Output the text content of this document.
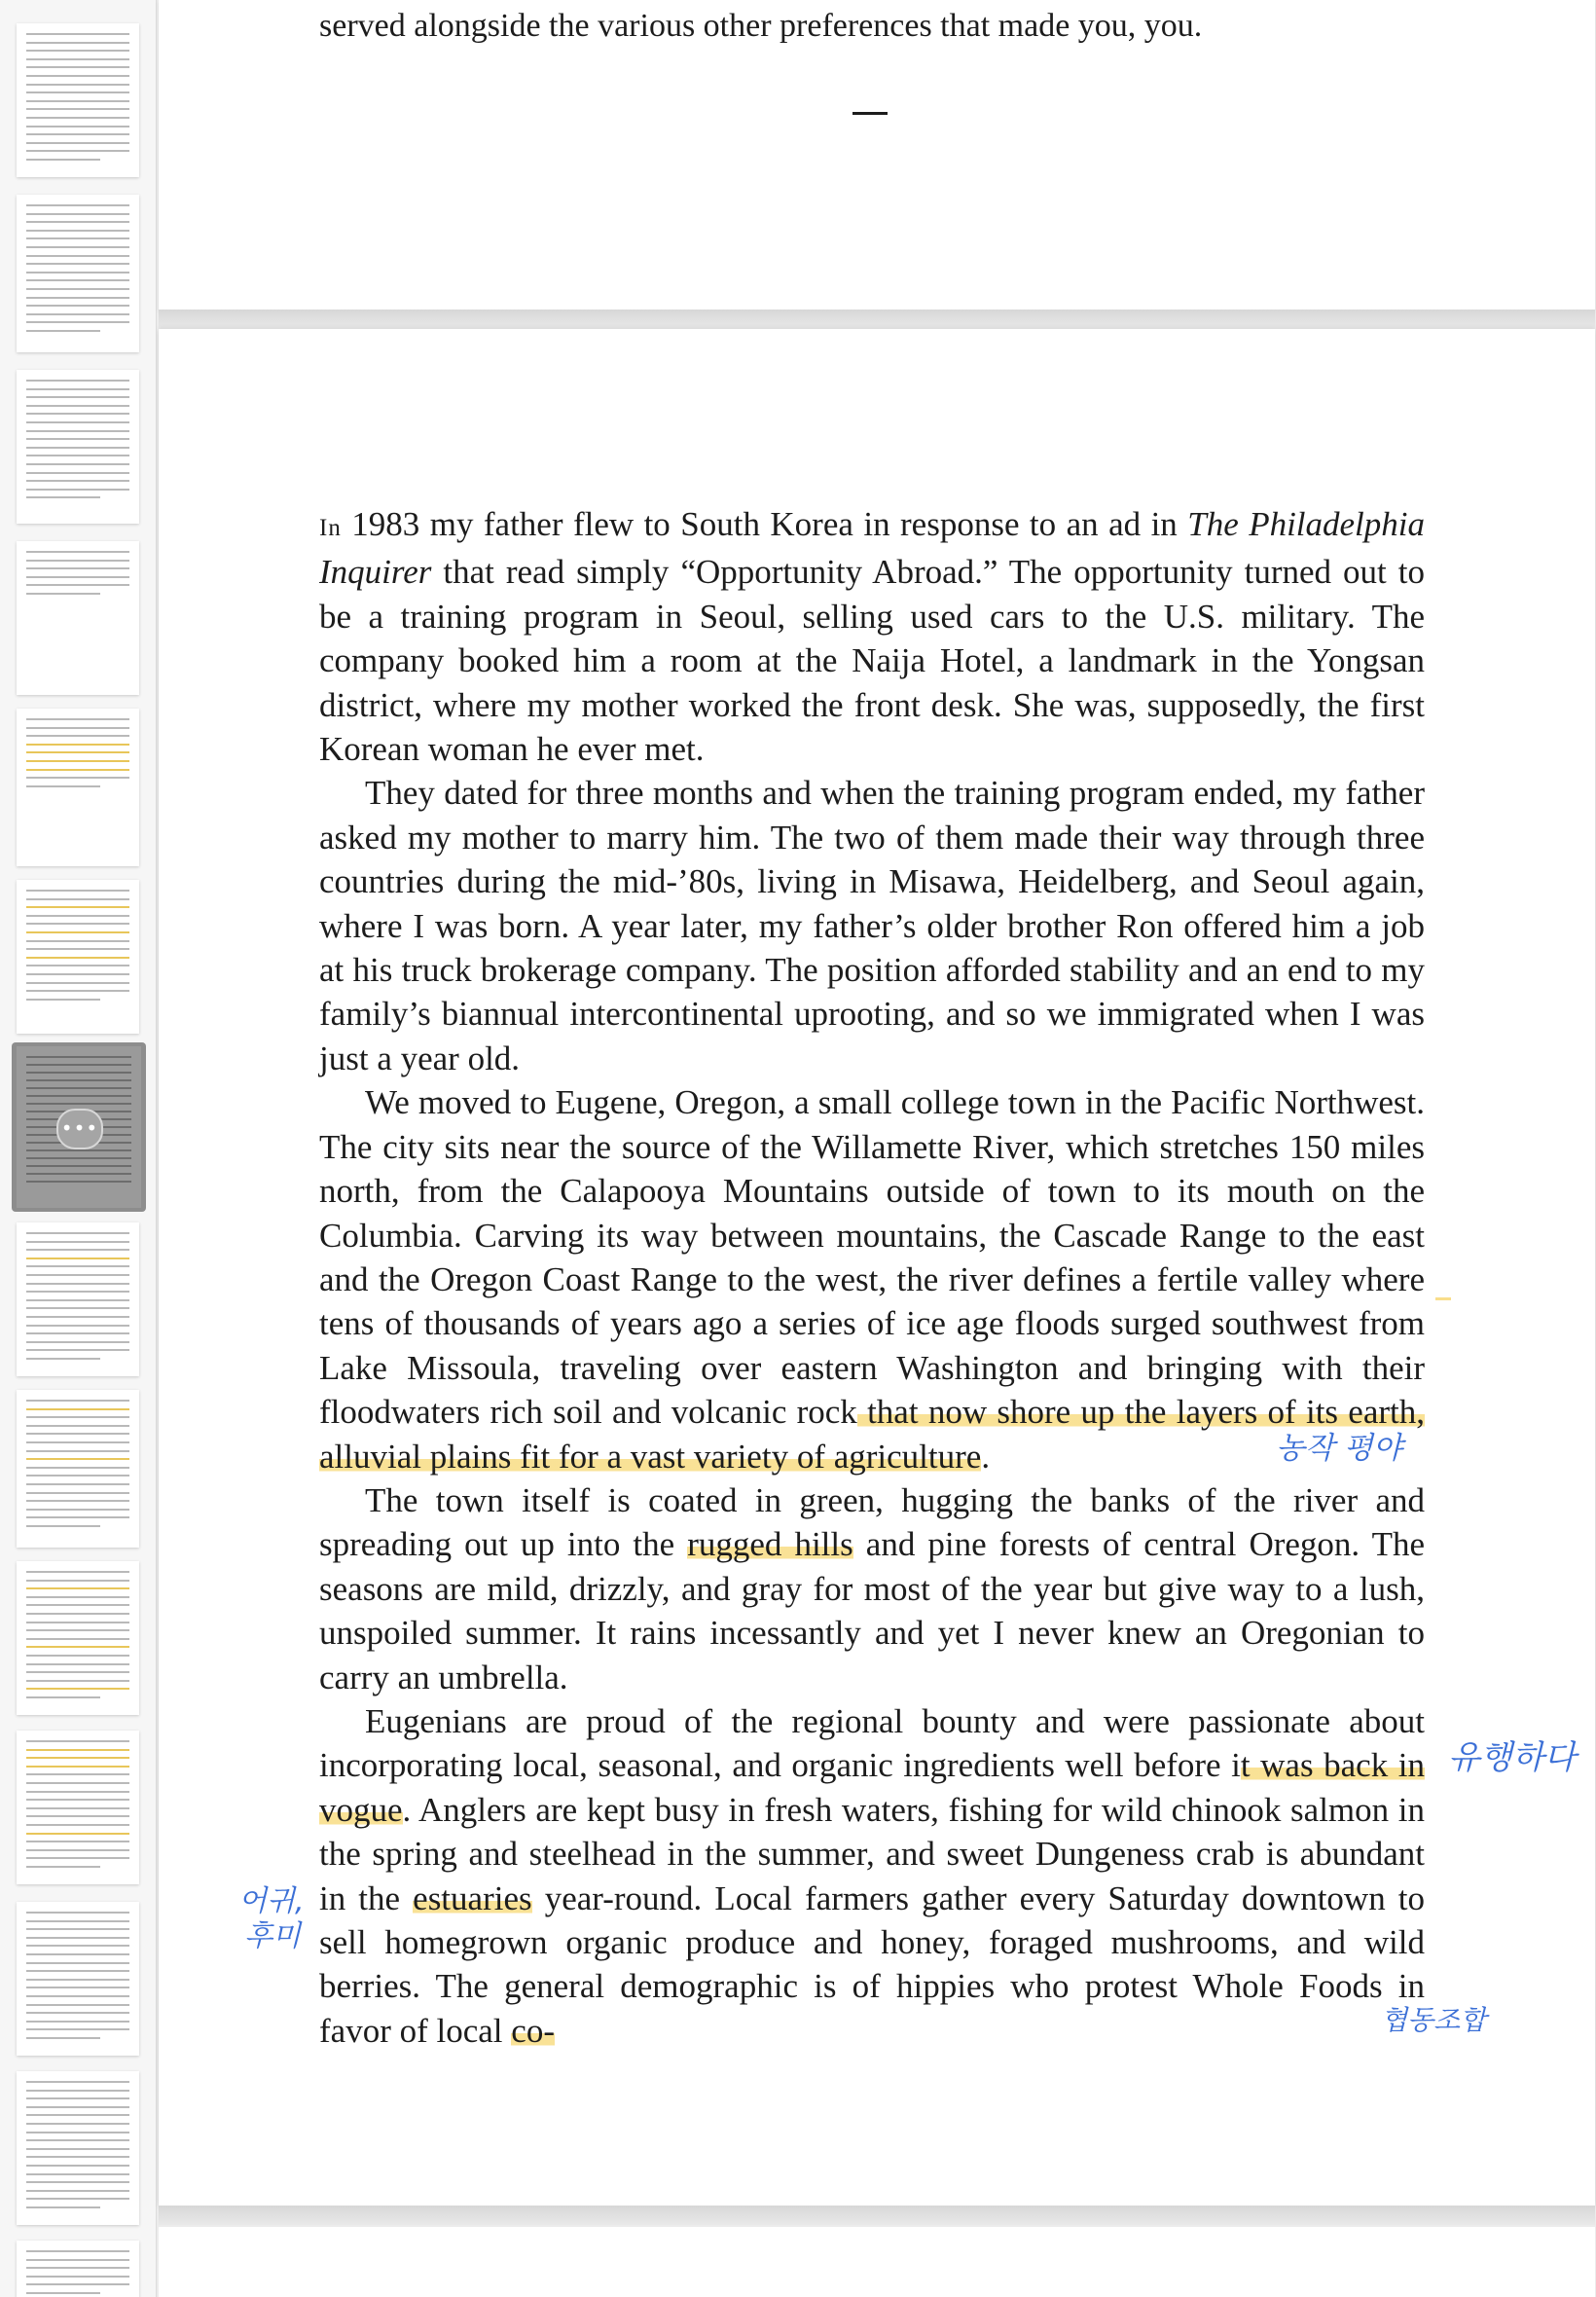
•••
served alongside the various other preferences that made you, you.

In 1983 my father flew to South Korea in response to an ad in The Philadelphia Inquirer that read simply “Opportunity Abroad.” The opportunity turned out to be a training program in Seoul, selling used cars to the U.S. military. The company booked him a room at the Naija Hotel, a landmark in the Yongsan district, where my mother worked the front desk. She was, supposedly, the first Korean woman he ever met.

They dated for three months and when the training program ended, my father asked my mother to marry him. The two of them made their way through three countries during the mid-’80s, living in Misawa, Heidelberg, and Seoul again, where I was born. A year later, my father’s older brother Ron offered him a job at his truck brokerage company. The position afforded stability and an end to my family’s biannual intercontinental uprooting, and so we immigrated when I was just a year old.

We moved to Eugene, Oregon, a small college town in the Pacific Northwest. The city sits near the source of the Willamette River, which stretches 150 miles north, from the Calapooya Mountains outside of town to its mouth on the Columbia. Carving its way between mountains, the Cascade Range to the east and the Oregon Coast Range to the west, the river defines a fertile valley where tens of thousands of years ago a series of ice age floods surged southwest from Lake Missoula, traveling over eastern Washington and bringing with their floodwaters rich soil and volcanic rock that now shore up the layers of its earth, alluvial plains fit for a vast variety of agriculture.

The town itself is coated in green, hugging the banks of the river and spreading out up into the rugged hills and pine forests of central Oregon. The seasons are mild, drizzly, and gray for most of the year but give way to a lush, unspoiled summer. It rains incessantly and yet I never knew an Oregonian to carry an umbrella.

Eugenians are proud of the regional bounty and were passionate about incorporating local, seasonal, and organic ingredients well before it was back in vogue. Anglers are kept busy in fresh waters, fishing for wild chinook salmon in the spring and steelhead in the summer, and sweet Dungeness crab is abundant in the estuaries year-round. Local farmers gather every Saturday downtown to sell homegrown organic produce and honey, foraged mushrooms, and wild berries. The general demographic is of hippies who protest Whole Foods in favor of local co-

농작 평야
유행하다
어귀,
후미
협동조합
